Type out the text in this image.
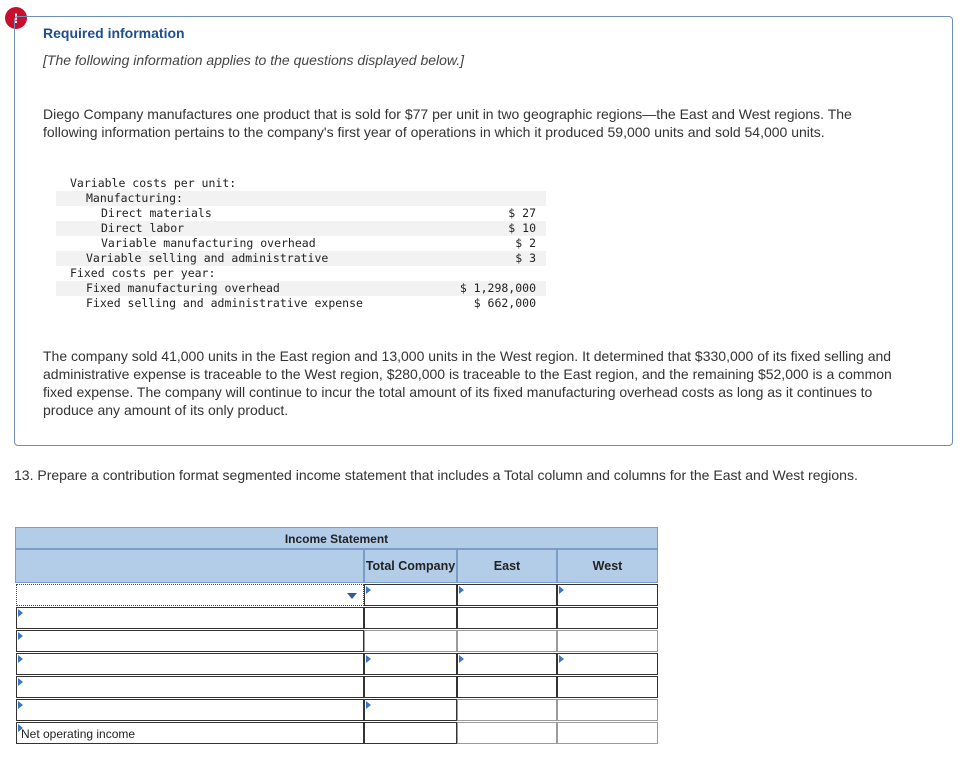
!
Required information
[The following information applies to the questions displayed below.]
Diego Company manufactures one product that is sold for $77 per unit in two geographic regions—the East and West regions. The following information pertains to the company's first year of operations in which it produced 59,000 units and sold 54,000 units.
Variable costs per unit:
Manufacturing:
Direct materials	$ 27
Direct labor	$ 10
Variable manufacturing overhead	$ 2
Variable selling and administrative	$ 3
Fixed costs per year:
Fixed manufacturing overhead	$ 1,298,000
Fixed selling and administrative expense	$ 662,000
The company sold 41,000 units in the East region and 13,000 units in the West region. It determined that $330,000 of its fixed selling and administrative expense is traceable to the West region, $280,000 is traceable to the East region, and the remaining $52,000 is a common fixed expense. The company will continue to incur the total amount of its fixed manufacturing overhead costs as long as it continues to produce any amount of its only product.
13. Prepare a contribution format segmented income statement that includes a Total column and columns for the East and West regions.
Income Statement
Total Company	East	West
Net operating income
